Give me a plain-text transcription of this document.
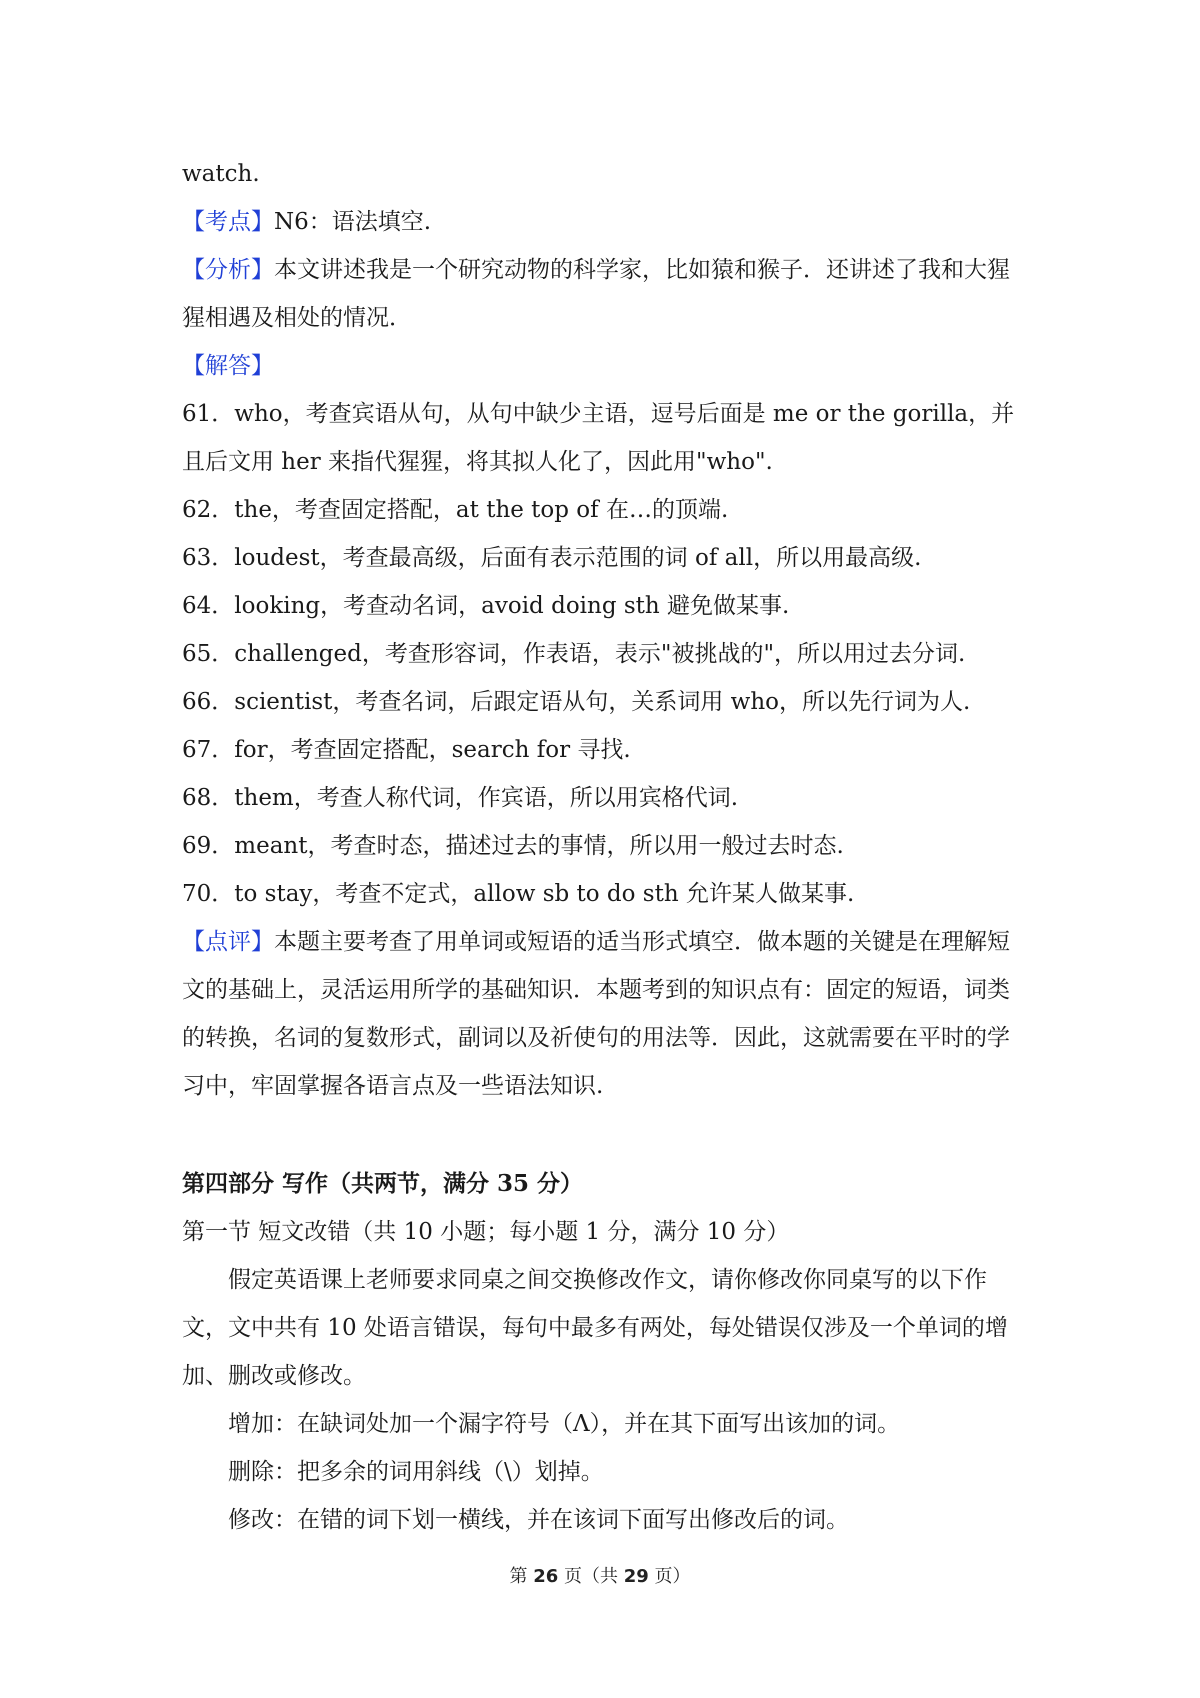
watch.
【考点】N6：语法填空.
【分析】本文讲述我是一个研究动物的科学家，比如猿和猴子．还讲述了我和大猩猩相遇及相处的情况．
【解答】
61．who，考查宾语从句，从句中缺少主语，逗号后面是 me or the gorilla，并且后文用 her 来指代猩猩，将其拟人化了，因此用"who".
62．the，考查固定搭配，at the top of 在…的顶端.
63．loudest，考查最高级，后面有表示范围的词 of all，所以用最高级.
64．looking，考查动名词，avoid doing sth 避免做某事.
65．challenged，考查形容词，作表语，表示"被挑战的"，所以用过去分词.
66．scientist，考查名词，后跟定语从句，关系词用 who，所以先行词为人.
67．for，考查固定搭配，search for 寻找.
68．them，考查人称代词，作宾语，所以用宾格代词.
69．meant，考查时态，描述过去的事情，所以用一般过去时态.
70．to stay，考查不定式，allow sb to do sth 允许某人做某事.
【点评】本题主要考查了用单词或短语的适当形式填空．做本题的关键是在理解短文的基础上，灵活运用所学的基础知识．本题考到的知识点有：固定的短语，词类的转换，名词的复数形式，副词以及祈使句的用法等．因此，这就需要在平时的学习中，牢固掌握各语言点及一些语法知识.
第四部分 写作（共两节，满分 35 分）
第一节 短文改错（共 10 小题；每小题 1 分，满分 10 分）
假定英语课上老师要求同桌之间交换修改作文，请你修改你同桌写的以下作文，文中共有 10 处语言错误，每句中最多有两处，每处错误仅涉及一个单词的增加、删改或修改。
增加：在缺词处加一个漏字符号（Λ），并在其下面写出该加的词。
删除：把多余的词用斜线（\）划掉。
修改：在错的词下划一横线，并在该词下面写出修改后的词。
第 26 页（共 29 页）
